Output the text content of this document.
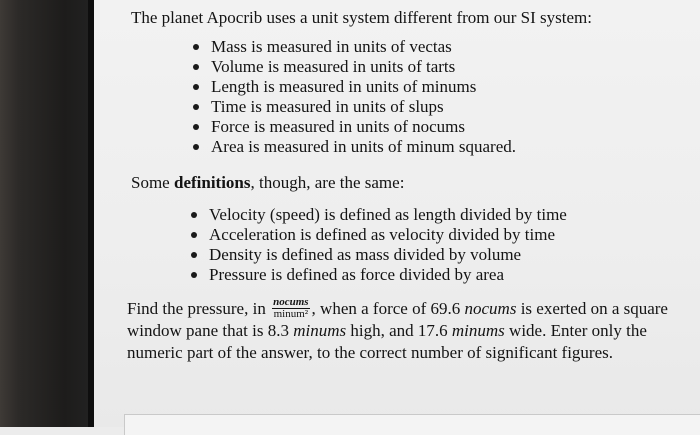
The planet Apocrib uses a unit system different from our SI system:
Mass is measured in units of vectas
Volume is measured in units of tarts
Length is measured in units of minums
Time is measured in units of slups
Force is measured in units of nocums
Area is measured in units of minum squared.
Some definitions, though, are the same:
Velocity (speed) is defined as length divided by time
Acceleration is defined as velocity divided by time
Density is defined as mass divided by volume
Pressure is defined as force divided by area
Find the pressure, in $\frac{\text{nocums}}{\text{minum²}}$ , when a force of 69.6 nocums is exerted on a square
window pane that is 8.3 minums high, and 17.6 minums wide. Enter only the
numeric part of the answer, to the correct number of significant figures.
